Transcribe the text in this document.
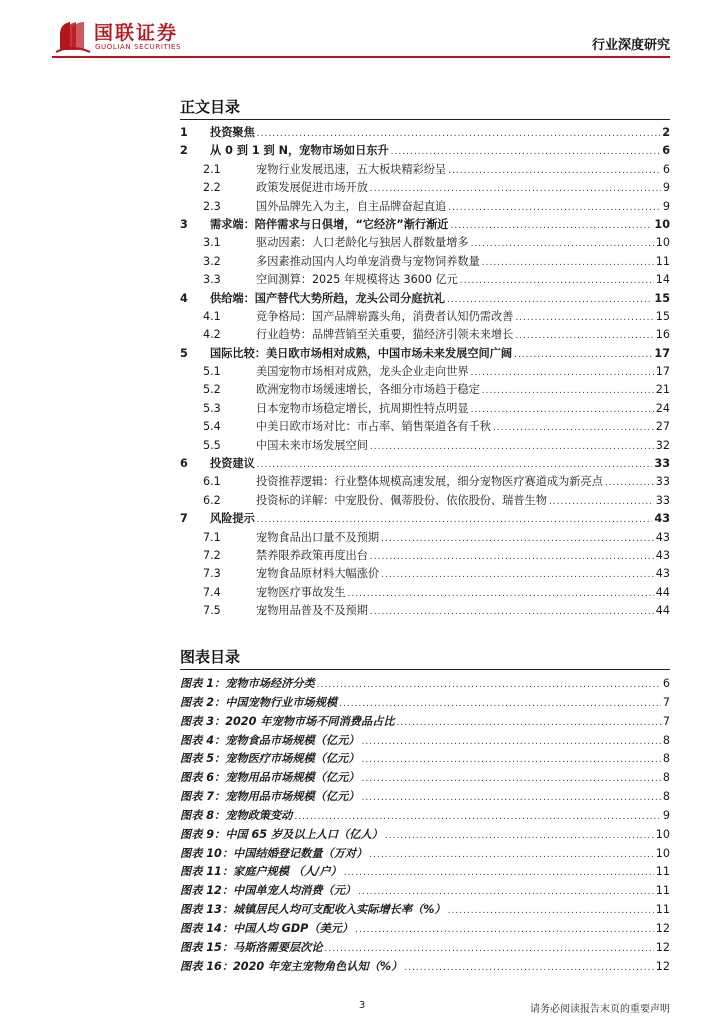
国联证券
GUOLIAN SECURITIES	行业深度研究
正文目录
1 投资聚焦 .....	2
2 从 0 到 1 到 N，宠物市场如日东升 .....	6
2.1	宠物行业发展迅速，五大板块精彩纷呈 .....	6
2.2	政策发展促进市场开放 .....	9
2.3	国外品牌先入为主，自主品牌奋起直追 .....	9
3 需求端：陪伴需求与日俱增，“它经济”渐行渐近 .....	10
3.1	驱动因素：人口老龄化与独居人群数量增多 .....	10
3.2	多因素推动国内人均单宠消费与宠物饲养数量 .....	11
3.3	空间测算：2025 年规模将达 3600 亿元 .....	14
4 供给端：国产替代大势所趋，龙头公司分庭抗礼 .....	15
4.1	竞争格局：国产品牌崭露头角，消费者认知仍需改善 .....	15
4.2	行业趋势：品牌营销至关重要，猫经济引领未来增长 .....	16
5 国际比较：美日欧市场相对成熟，中国市场未来发展空间广阔 .....	17
5.1	美国宠物市场相对成熟，龙头企业走向世界 .....	17
5.2	欧洲宠物市场缓速增长，各细分市场趋于稳定 .....	21
5.3	日本宠物市场稳定增长，抗周期性特点明显 .....	24
5.4	中美日欧市场对比：市占率、销售渠道各有千秋 .....	27
5.5	中国未来市场发展空间 .....	32
6 投资建议 .....	33
6.1	投资推荐逻辑：行业整体规模高速发展，细分宠物医疗赛道成为新亮点 .....	33
6.2	投资标的详解：中宠股份、佩蒂股份、依依股份、瑞普生物 .....	33
7 风险提示 .....	43
7.1	宠物食品出口量不及预期 .....	43
7.2	禁养限养政策再度出台 .....	43
7.3	宠物食品原材料大幅涨价 .....	43
7.4	宠物医疗事故发生 .....	44
7.5	宠物用品普及不及预期 .....	44
图表目录
图表 1：宠物市场经济分类 .....	6
图表 2：中国宠物行业市场规模 .....	7
图表 3：2020 年宠物市场不同消费品占比 .....	7
图表 4：宠物食品市场规模（亿元） .....	8
图表 5：宠物医疗市场规模（亿元） .....	8
图表 6：宠物用品市场规模（亿元） .....	8
图表 7：宠物用品市场规模（亿元） .....	8
图表 8：宠物政策变动 .....	9
图表 9：中国 65 岁及以上人口（亿人） .....	10
图表 10：中国结婚登记数量（万对） .....	10
图表 11：家庭户规模 （人/户） .....	11
图表 12：中国单宠人均消费（元） .....	11
图表 13：城镇居民人均可支配收入实际增长率（%） .....	11
图表 14：中国人均 GDP（美元） .....	12
图表 15：马斯洛需要层次论 .....	12
图表 16：2020 年宠主宠物角色认知（%） .....	12
3	请务必阅读报告末页的重要声明
